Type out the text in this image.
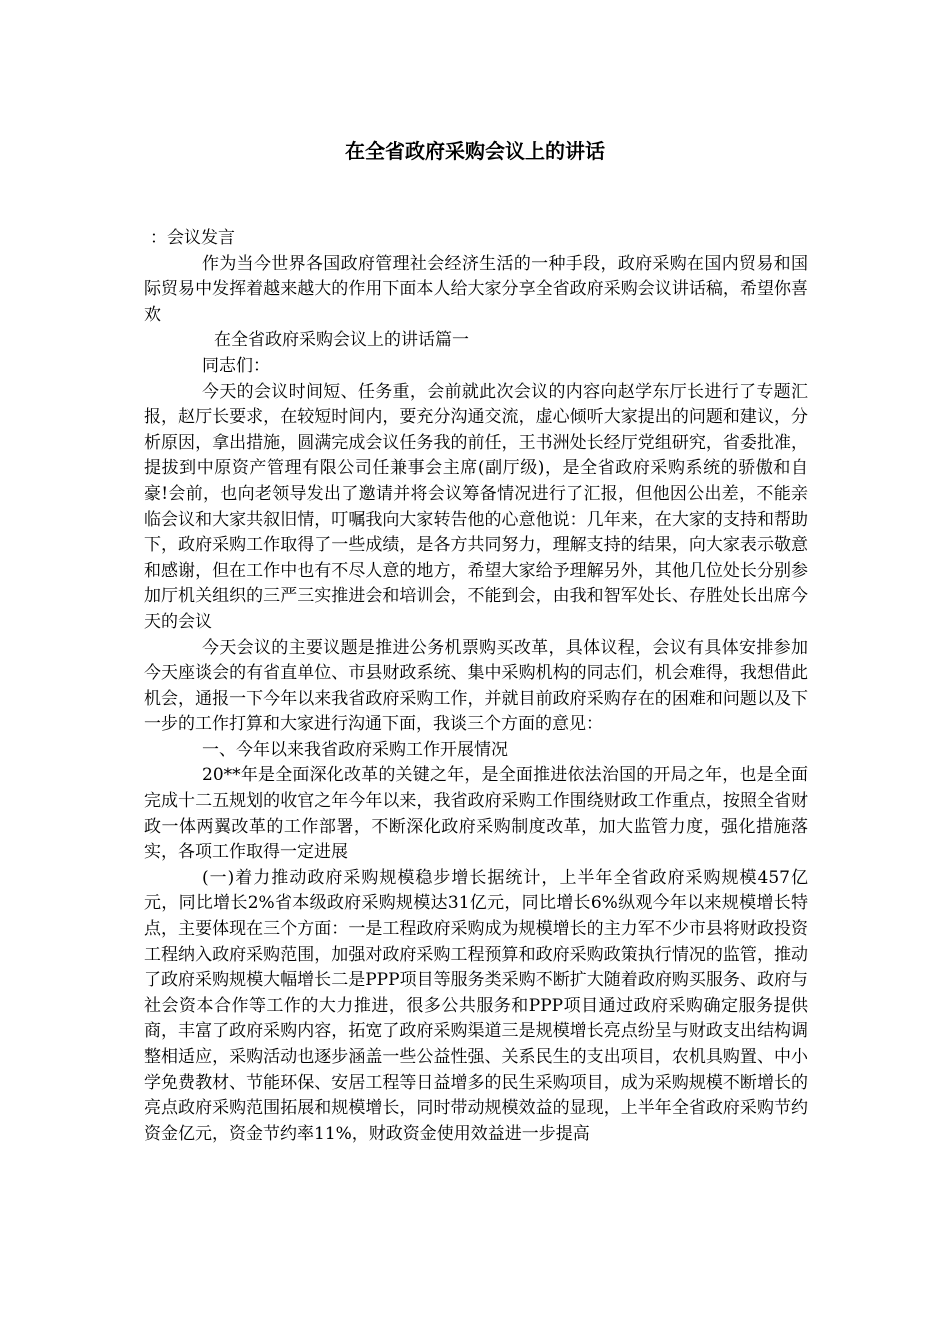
在全省政府采购会议上的讲话

：会议发言

作为当今世界各国政府管理社会经济生活的一种手段，政府采购在国内贸易和国际贸易中发挥着越来越大的作用下面本人给大家分享全省政府采购会议讲话稿，希望你喜欢

在全省政府采购会议上的讲话篇一

同志们：

今天的会议时间短、任务重，会前就此次会议的内容向赵学东厅长进行了专题汇报，赵厅长要求，在较短时间内，要充分沟通交流，虚心倾听大家提出的问题和建议，分析原因，拿出措施，圆满完成会议任务我的前任，王书洲处长经厅党组研究，省委批准，提拔到中原资产管理有限公司任兼事会主席(副厅级)，是全省政府采购系统的骄傲和自豪!会前，也向老领导发出了邀请并将会议筹备情况进行了汇报，但他因公出差，不能亲临会议和大家共叙旧情，叮嘱我向大家转告他的心意他说：几年来，在大家的支持和帮助下，政府采购工作取得了一些成绩，是各方共同努力，理解支持的结果，向大家表示敬意和感谢，但在工作中也有不尽人意的地方，希望大家给予理解另外，其他几位处长分别参加厅机关组织的三严三实推进会和培训会，不能到会，由我和智军处长、存胜处长出席今天的会议

今天会议的主要议题是推进公务机票购买改革，具体议程，会议有具体安排参加今天座谈会的有省直单位、市县财政系统、集中采购机构的同志们，机会难得，我想借此机会，通报一下今年以来我省政府采购工作，并就目前政府采购存在的困难和问题以及下一步的工作打算和大家进行沟通下面，我谈三个方面的意见：

一、今年以来我省政府采购工作开展情况

20**年是全面深化改革的关键之年，是全面推进依法治国的开局之年，也是全面完成十二五规划的收官之年今年以来，我省政府采购工作围绕财政工作重点，按照全省财政一体两翼改革的工作部署，不断深化政府采购制度改革，加大监管力度，强化措施落实，各项工作取得一定进展

(一)着力推动政府采购规模稳步增长据统计，上半年全省政府采购规模457亿元，同比增长2%省本级政府采购规模达31亿元，同比增长6%纵观今年以来规模增长特点，主要体现在三个方面：一是工程政府采购成为规模增长的主力军不少市县将财政投资工程纳入政府采购范围，加强对政府采购工程预算和政府采购政策执行情况的监管，推动了政府采购规模大幅增长二是PPP项目等服务类采购不断扩大随着政府购买服务、政府与社会资本合作等工作的大力推进，很多公共服务和PPP项目通过政府采购确定服务提供商，丰富了政府采购内容，拓宽了政府采购渠道三是规模增长亮点纷呈与财政支出结构调整相适应，采购活动也逐步涵盖一些公益性强、关系民生的支出项目，农机具购置、中小学免费教材、节能环保、安居工程等日益增多的民生采购项目，成为采购规模不断增长的亮点政府采购范围拓展和规模增长，同时带动规模效益的显现，上半年全省政府采购节约资金亿元，资金节约率11%，财政资金使用效益进一步提高
